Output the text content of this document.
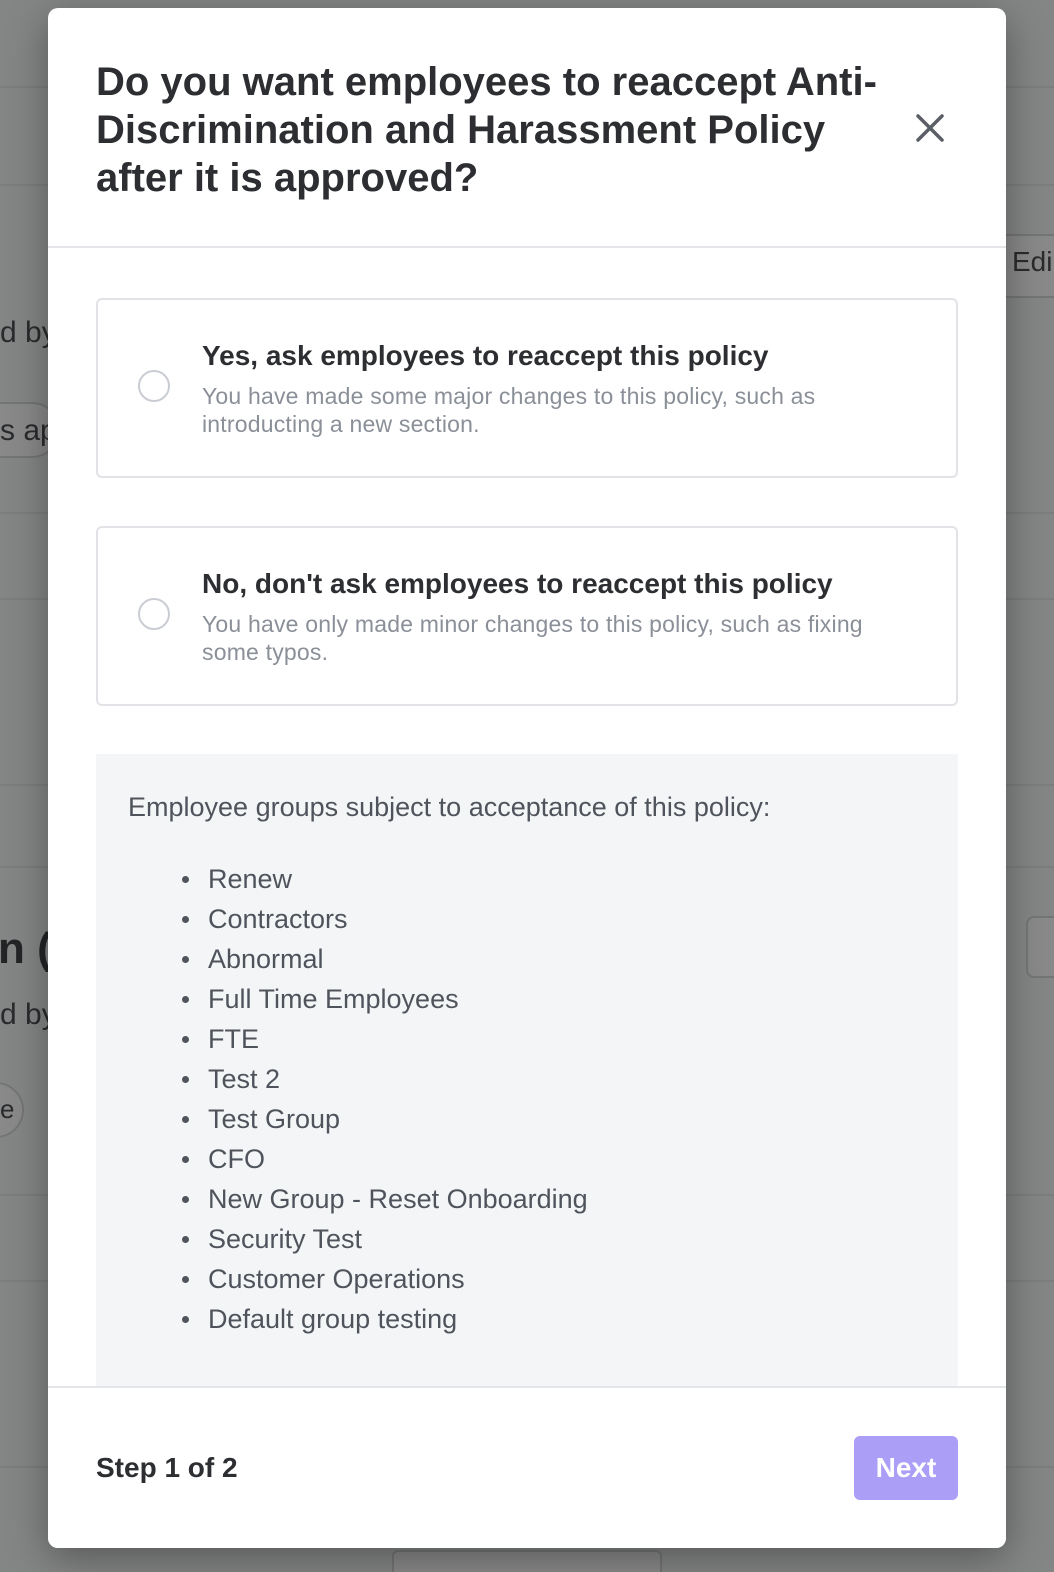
Do you want employees to reaccept Anti-Discrimination and Harassment Policy after it is approved?
Yes, ask employees to reaccept this policy
You have made some major changes to this policy, such as introducting a new section.
No, don't ask employees to reaccept this policy
You have only made minor changes to this policy, such as fixing some typos.
Employee groups subject to acceptance of this policy:
Renew
Contractors
Abnormal
Full Time Employees
FTE
Test 2
Test Group
CFO
New Group - Reset Onboarding
Security Test
Customer Operations
Default group testing
Step 1 of 2	Next
